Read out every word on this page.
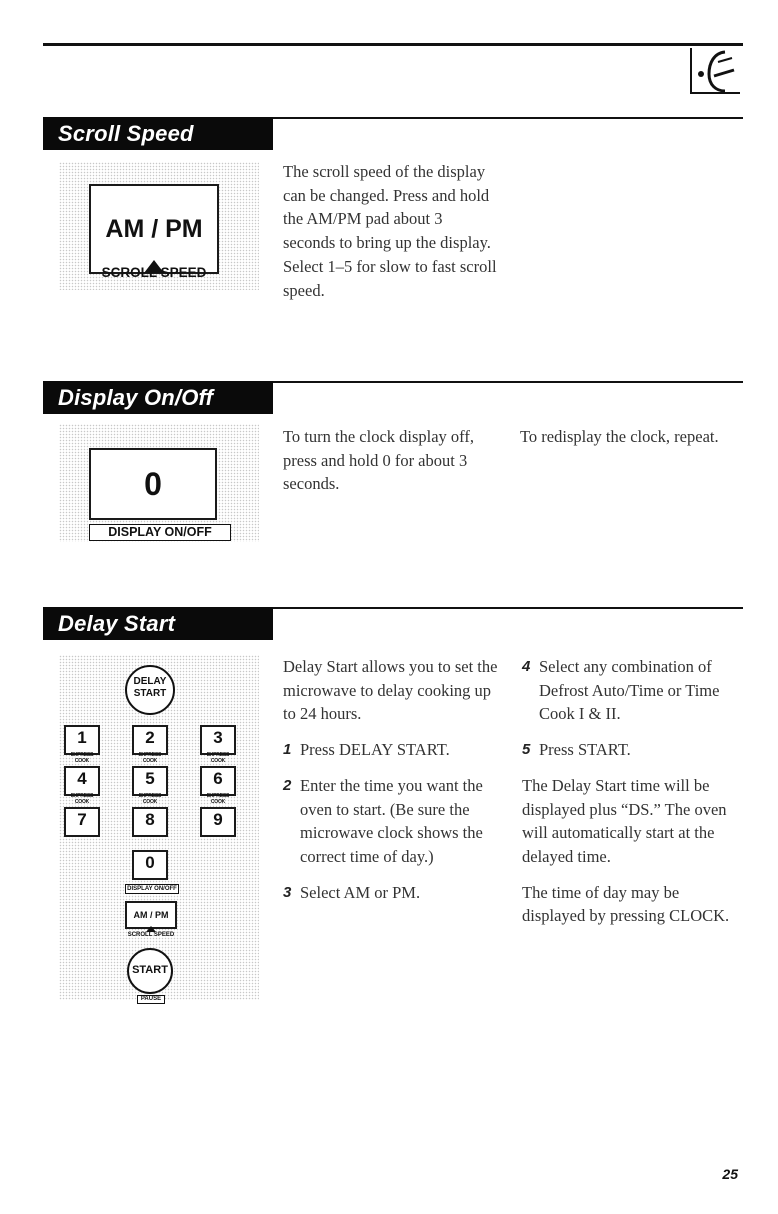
Scroll Speed
AM / PM
SCROLL SPEED

The scroll speed of the display can be changed. Press and hold the AM/PM pad about 3 seconds to bring up the display. Select 1–5 for slow to fast scroll speed.

Display On/Off
0
DISPLAY ON/OFF

To turn the clock display off, press and hold 0 for about 3 seconds.

To redisplay the clock, repeat.

Delay Start
DELAY
START
1
EXPRESS COOK
2
EXPRESS COOK
3
EXPRESS COOK
4
EXPRESS COOK
5
EXPRESS COOK
6
EXPRESS COOK
7	8	9
0
DISPLAY ON/OFF
AM / PM
SCROLL SPEED
START
PAUSE

Delay Start allows you to set the microwave to delay cooking up to 24 hours.

1 Press DELAY START.
2 Enter the time you want the oven to start. (Be sure the microwave clock shows the correct time of day.)
3 Select AM or PM.
4 Select any combination of Defrost Auto/Time or Time Cook I & II.
5 Press START.

The Delay Start time will be displayed plus “DS.” The oven will automatically start at the delayed time.

The time of day may be displayed by pressing CLOCK.

25
